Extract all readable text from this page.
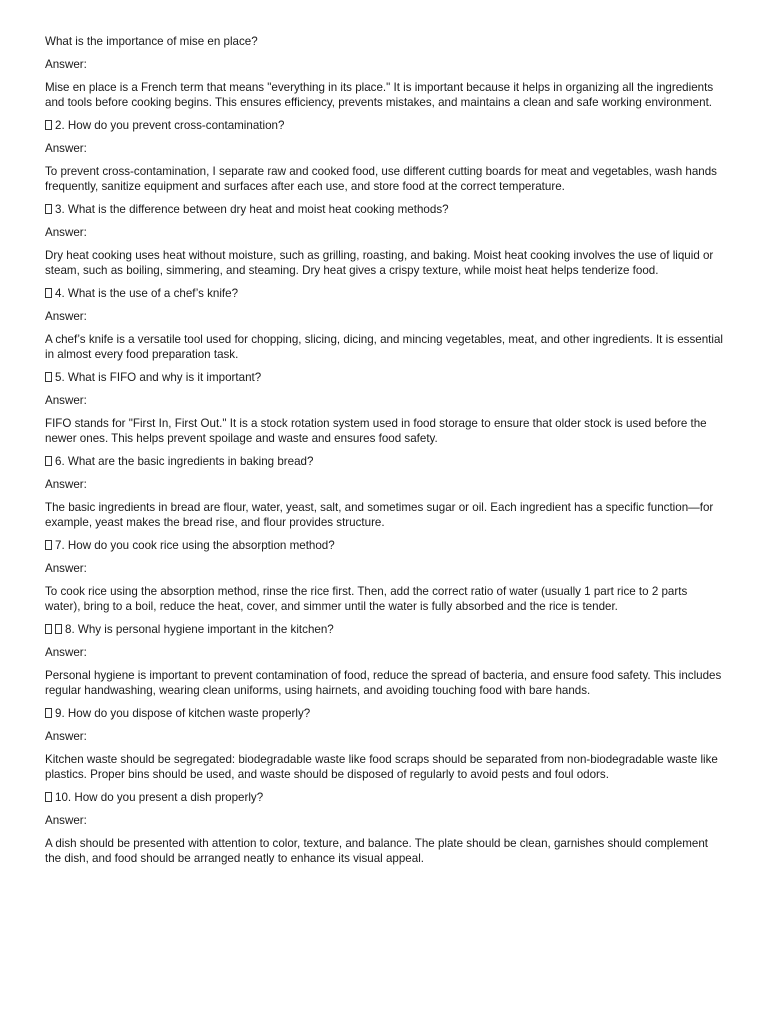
What is the importance of mise en place?

Answer:

Mise en place is a French term that means "everything in its place." It is important because it helps in organizing all the ingredients and tools before cooking begins. This ensures efficiency, prevents mistakes, and maintains a clean and safe working environment.

2. How do you prevent cross-contamination?

Answer:

To prevent cross-contamination, I separate raw and cooked food, use different cutting boards for meat and vegetables, wash hands frequently, sanitize equipment and surfaces after each use, and store food at the correct temperature.

3. What is the difference between dry heat and moist heat cooking methods?

Answer:

Dry heat cooking uses heat without moisture, such as grilling, roasting, and baking. Moist heat cooking involves the use of liquid or steam, such as boiling, simmering, and steaming. Dry heat gives a crispy texture, while moist heat helps tenderize food.

4. What is the use of a chef’s knife?

Answer:

A chef’s knife is a versatile tool used for chopping, slicing, dicing, and mincing vegetables, meat, and other ingredients. It is essential in almost every food preparation task.

5. What is FIFO and why is it important?

Answer:

FIFO stands for "First In, First Out." It is a stock rotation system used in food storage to ensure that older stock is used before the newer ones. This helps prevent spoilage and waste and ensures food safety.

6. What are the basic ingredients in baking bread?

Answer:

The basic ingredients in bread are flour, water, yeast, salt, and sometimes sugar or oil. Each ingredient has a specific function—for example, yeast makes the bread rise, and flour provides structure.

7. How do you cook rice using the absorption method?

Answer:

To cook rice using the absorption method, rinse the rice first. Then, add the correct ratio of water (usually 1 part rice to 2 parts water), bring to a boil, reduce the heat, cover, and simmer until the water is fully absorbed and the rice is tender.

8. Why is personal hygiene important in the kitchen?

Answer:

Personal hygiene is important to prevent contamination of food, reduce the spread of bacteria, and ensure food safety. This includes regular handwashing, wearing clean uniforms, using hairnets, and avoiding touching food with bare hands.

9. How do you dispose of kitchen waste properly?

Answer:

Kitchen waste should be segregated: biodegradable waste like food scraps should be separated from non-biodegradable waste like plastics. Proper bins should be used, and waste should be disposed of regularly to avoid pests and foul odors.

10. How do you present a dish properly?

Answer:

A dish should be presented with attention to color, texture, and balance. The plate should be clean, garnishes should complement the dish, and food should be arranged neatly to enhance its visual appeal.
